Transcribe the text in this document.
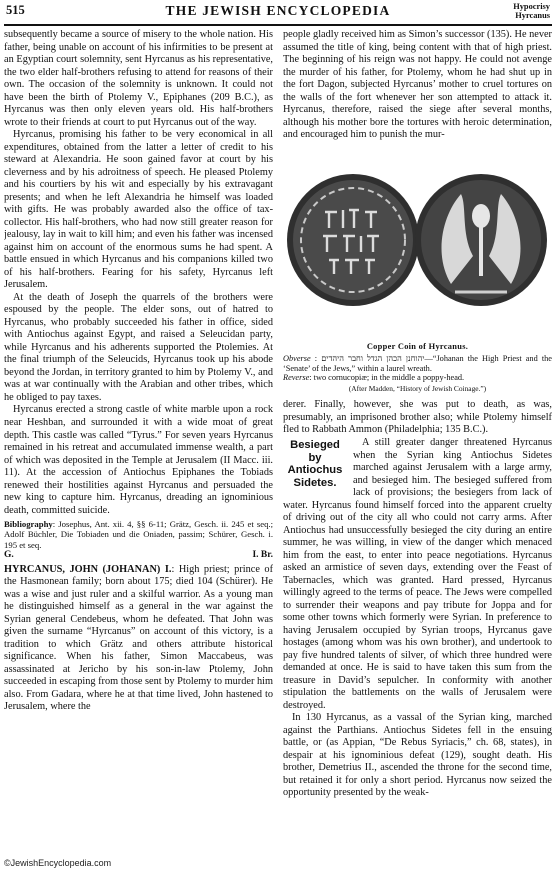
515	THE JEWISH ENCYCLOPEDIA	Hypocrisy
Hyrcanus

subsequently became a source of misery to the whole nation. His father, being unable on account of his infirmities to be present at an Egyptian court solemnity, sent Hyrcanus as his representative, the two elder half-brothers refusing to attend for reasons of their own. The occasion of the solemnity is unknown. It could not have been the birth of Ptolemy V., Epiphanes (209 B.C.), as Hyrcanus was then only eleven years old. His half-brothers wrote to their friends at court to put Hyrcanus out of the way.

Hyrcanus, promising his father to be very economical in all expenditures, obtained from the latter a letter of credit to his steward at Alexandria. He soon gained favor at court by his cleverness and by his adroitness of speech. He pleased Ptolemy and his courtiers by his wit and especially by his extravagant presents; and when he left Alexandria he himself was loaded with gifts. He was probably awarded also the office of tax-collector. His half-brothers, who had now still greater reason for jealousy, lay in wait to kill him; and even his father was incensed against him on account of the enormous sums he had spent. A battle ensued in which Hyrcanus and his companions killed two of his half-brothers. Fearing for his safety, Hyrcanus left Jerusalem.

At the death of Joseph the quarrels of the brothers were espoused by the people. The elder sons, out of hatred to Hyrcanus, who probably succeeded his father in office, sided with Antiochus against Egypt, and raised a Seleucidan party, while Hyrcanus and his adherents supported the Ptolemies. At the final triumph of the Seleucids, Hyrcanus took up his abode beyond the Jordan, in territory granted to him by Ptolemy V., and was at war continually with the Arabian and other tribes, which he obliged to pay taxes.

Hyrcanus erected a strong castle of white marble upon a rock near Heshban, and surrounded it with a wide moat of great depth. This castle was called “Tyrus.” For seven years Hyrcanus remained in his retreat and accumulated immense wealth, a part of which was deposited in the Temple at Jerusalem (II Macc. iii. 11). At the accession of Antiochus Epiphanes the Tobiads renewed their hostilities against Hyrcanus and persuaded the new king to capture him. Hyrcanus, dreading an ignominious death, committed suicide.

Bibliography: Josephus, Ant. xii. 4, §§ 6-11; Grätz, Gesch. ii. 245 et seq.; Adolf Büchler, Die Tobiaden und die Oniaden, passim; Schürer, Gesch. i. 195 et seq.

G.	I. Br.

HYRCANUS, JOHN (JOHANAN) I.: High priest; prince of the Hasmonean family; born about 175; died 104 (Schürer). He was a wise and just ruler and a skilful warrior. As a young man he distinguished himself as a general in the war against the Syrian general Cendebeus, whom he defeated. That John was given the surname “Hyrcanus” on account of this victory, is a tradition to which Grätz and others attribute historical significance. When his father, Simon Maccabeus, was assassinated at Jericho by his son-in-law Ptolemy, John succeeded in escaping from those sent by Ptolemy to murder him also. From Gadara, where he at that time lived, John hastened to Jerusalem, where the

people gladly received him as Simon’s successor (135). He never assumed the title of king, being content with that of high priest. The beginning of his reign was not happy. He could not avenge the murder of his father, for Ptolemy, whom he had shut up in the fort Dagon, subjected Hyrcanus’ mother to cruel tortures on the walls of the fort whenever her son attempted to attack it. Hyrcanus, therefore, raised the siege after several months, although his mother bore the tortures with heroic determination, and encouraged him to punish the mur-

Copper Coin of Hyrcanus.
Obverse : יהוחנן הכהן הגדל וחבר היהדים—“Johanan the High Priest and the ‘Senate’ of the Jews,” within a laurel wreath.
Reverse: two cornucopiæ; in the middle a poppy-head.
(After Madden, “History of Jewish Coinage.”)

derer. Finally, however, she was put to death, as was, presumably, an imprisoned brother also; while Ptolemy himself fled to Rabbath Ammon (Philadelphia; 135 B.C.).

Besieged
by
Antiochus
Sidetes.

A still greater danger threatened Hyrcanus when the Syrian king Antiochus Sidetes marched against Jerusalem with a large army, and besieged him. The besieged suffered from lack of provisions; the besiegers from lack of water. Hyrcanus found himself forced into the apparent cruelty of driving out of the city all who could not carry arms. After Antiochus had unsuccessfully besieged the city during an entire summer, he was willing, in view of the danger which menaced him from the east, to enter into peace negotiations. Hyrcanus asked an armistice of seven days, extending over the Feast of Tabernacles, which was granted. Hard pressed, Hyrcanus willingly agreed to the terms of peace. The Jews were compelled to surrender their weapons and pay tribute for Joppa and for some other towns which formerly were Syrian. In preference to having Jerusalem occupied by Syrian troops, Hyrcanus gave hostages (among whom was his own brother), and undertook to pay five hundred talents of silver, of which three hundred were demanded at once. He is said to have taken this sum from the treasure in David’s sepulcher. In conformity with another stipulation the battlements on the walls of Jerusalem were destroyed.

In 130 Hyrcanus, as a vassal of the Syrian king, marched against the Parthians. Antiochus Sidetes fell in the ensuing battle, or (as Appian, “De Rebus Syriacis,” ch. 68, states), in despair at his ignominious defeat (129), sought death. His brother, Demetrius II., ascended the throne for the second time, but retained it for only a short period. Hyrcanus now seized the opportunity presented by the weak-

©JewishEncyclopedia.com
